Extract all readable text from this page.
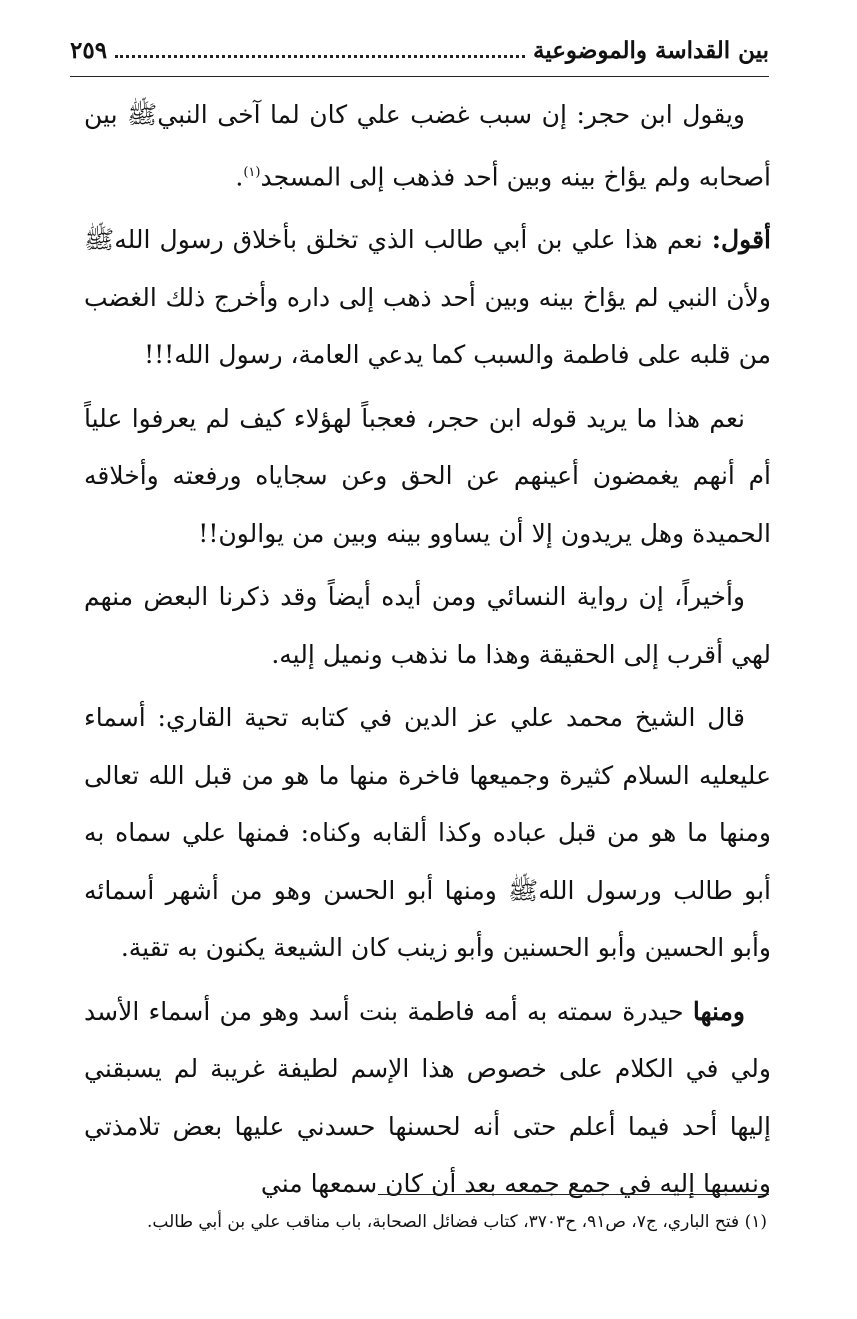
بين القداسة والموضوعية
٢٥٩

ويقول ابن حجر: إن سبب غضب علي كان لما آخى النبيﷺ بين أصحابه ولم يؤاخ بينه وبين أحد فذهب إلى المسجد$^{(١)}$.

أقول: نعم هذا علي بن أبي طالب الذي تخلق بأخلاق رسول اللهﷺ ولأن النبي لم يؤاخ بينه وبين أحد ذهب إلى داره وأخرج ذلك الغضب من قلبه على فاطمة والسبب كما يدعي العامة، رسول الله!!!

نعم هذا ما يريد قوله ابن حجر، فعجباً لهؤلاء كيف لم يعرفوا علياً أم أنهم يغمضون أعينهم عن الحق وعن سجاياه ورفعته وأخلاقه الحميدة وهل يريدون إلا أن يساوو بينه وبين من يوالون!!

وأخيراً، إن رواية النسائي ومن أيده أيضاً وقد ذكرنا البعض منهم لهي أقرب إلى الحقيقة وهذا ما نذهب ونميل إليه.

قال الشيخ محمد علي عز الدين في كتابه تحية القاري: أسماء عليعليه السلام كثيرة وجميعها فاخرة منها ما هو من قبل الله تعالى ومنها ما هو من قبل عباده وكذا ألقابه وكناه: فمنها علي سماه به أبو طالب ورسول اللهﷺ ومنها أبو الحسن وهو من أشهر أسمائه وأبو الحسين وأبو الحسنين وأبو زينب كان الشيعة يكنون به تقية.

ومنها حيدرة سمته به أمه فاطمة بنت أسد وهو من أسماء الأسد ولي في الكلام على خصوص هذا الإسم لطيفة غريبة لم يسبقني إليها أحد فيما أعلم حتى أنه لحسنها حسدني عليها بعض تلامذتي ونسبها إليه في جمع جمعه بعد أن كان سمعها مني

(١) فتح الباري، ج٧، ص٩١، ح٣٧٠٣، كتاب فضائل الصحابة، باب مناقب علي بن أبي طالب.
